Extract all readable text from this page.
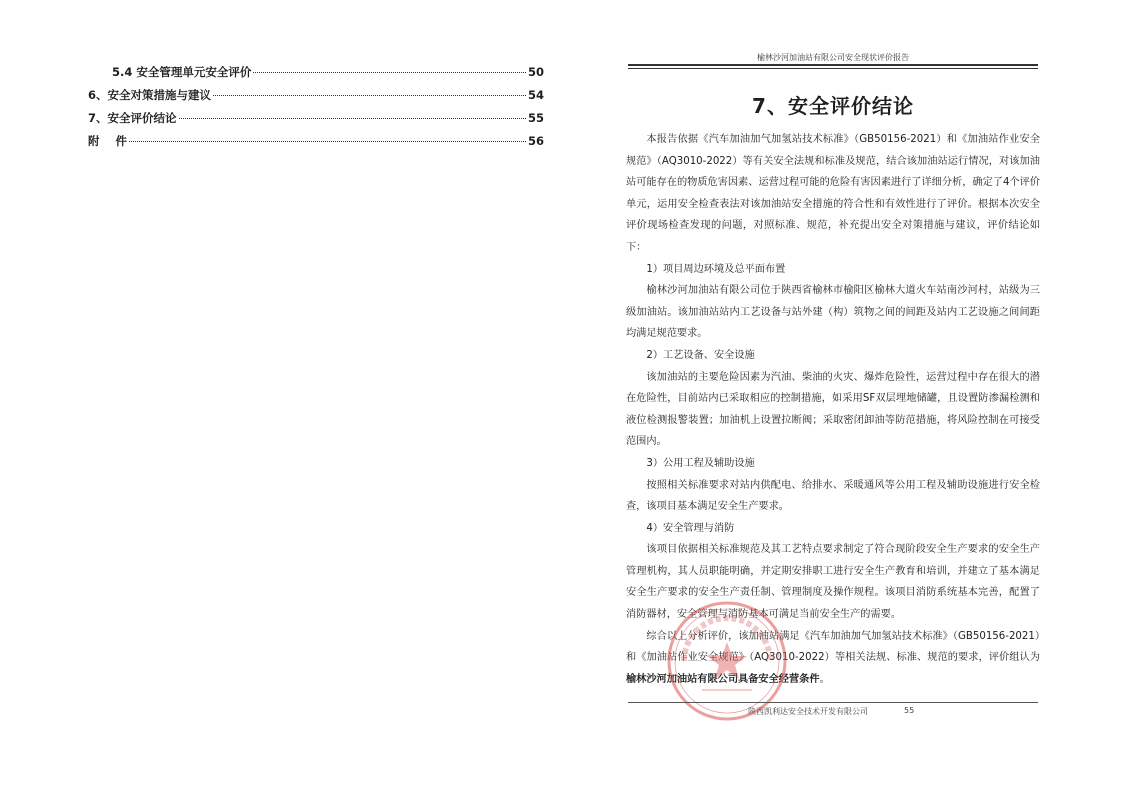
5.4 安全管理单元安全评价	50
6、安全对策措施与建议	54
7、安全评价结论	55
附    件	56
榆林沙河加油站有限公司安全现状评价报告
7、安全评价结论

本报告依据《汽车加油加气加氢站技术标准》（GB50156-2021）和《加油站作业安全规范》（AQ3010-2022）等有关安全法规和标准及规范，结合该加油站运行情况，对该加油站可能存在的物质危害因素、运营过程可能的危险有害因素进行了详细分析，确定了4个评价单元，运用安全检查表法对该加油站安全措施的符合性和有效性进行了评价。根据本次安全评价现场检查发现的问题，对照标准、规范，补充提出安全对策措施与建议，评价结论如下：

1）项目周边环境及总平面布置

榆林沙河加油站有限公司位于陕西省榆林市榆阳区榆林大道火车站南沙河村，站级为三级加油站。该加油站站内工艺设备与站外建（构）筑物之间的间距及站内工艺设施之间间距均满足规范要求。

2）工艺设备、安全设施

该加油站的主要危险因素为汽油、柴油的火灾、爆炸危险性，运营过程中存在很大的潜在危险性，目前站内已采取相应的控制措施，如采用SF双层埋地储罐，且设置防渗漏检测和液位检测报警装置；加油机上设置拉断阀；采取密闭卸油等防范措施，将风险控制在可接受范围内。

3）公用工程及辅助设施

按照相关标准要求对站内供配电、给排水、采暖通风等公用工程及辅助设施进行安全检查，该项目基本满足安全生产要求。

4）安全管理与消防

该项目依据相关标准规范及其工艺特点要求制定了符合现阶段安全生产要求的安全生产管理机构，其人员职能明确，并定期安排职工进行安全生产教育和培训，并建立了基本满足安全生产要求的安全生产责任制、管理制度及操作规程。该项目消防系统基本完善，配置了消防器材，安全管理与消防基本可满足当前安全生产的需要。

综合以上分析评价，该加油站满足《汽车加油加气加氢站技术标准》（GB50156-2021）和《加油站作业安全规范》（AQ3010-2022）等相关法规、标准、规范的要求，评价组认为榆林沙河加油站有限公司具备安全经营条件。

陕西凯利达安全技术开发有限公司	55
